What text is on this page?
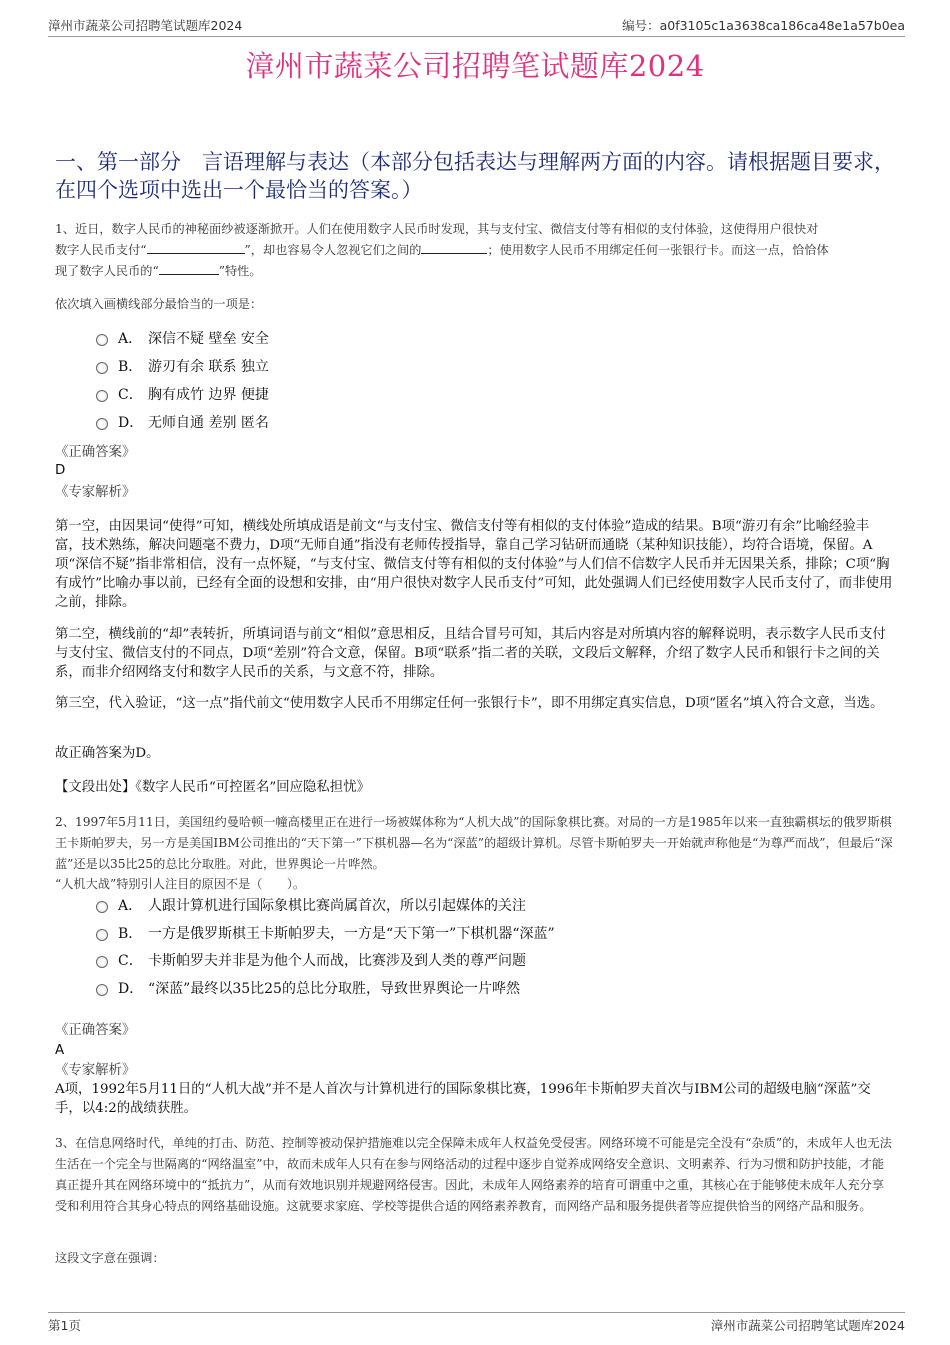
漳州市蔬菜公司招聘笔试题库2024	编号：a0f3105c1a3638ca186ca48e1a57b0ea
漳州市蔬菜公司招聘笔试题库2024
一、第一部分　言语理解与表达（本部分包括表达与理解两方面的内容。请根据题目要求，在四个选项中选出一个最恰当的答案。）
1、近日，数字人民币的神秘面纱被逐渐掀开。人们在使用数字人民币时发现，其与支付宝、微信支付等有相似的支付体验，这使得用户很快对
数字人民币支付“	”，却也容易令人忽视它们之间的	；使用数字人民币不用绑定任何一张银行卡。而这一点，恰恰体
现了数字人民币的“	”特性。
依次填入画横线部分最恰当的一项是：
A． 深信不疑 壁垒 安全
B． 游刃有余 联系 独立
C． 胸有成竹 边界 便捷
D． 无师自通 差别 匿名
《正确答案》
D
《专家解析》
第一空，由因果词“使得”可知，横线处所填成语是前文“与支付宝、微信支付等有相似的支付体验”造成的结果。B项“游刃有余”比喻经验丰富，技术熟练，解决问题毫不费力，D项“无师自通”指没有老师传授指导，靠自己学习钻研而通晓（某种知识技能），均符合语境，保留。A项“深信不疑”指非常相信，没有一点怀疑，“与支付宝、微信支付等有相似的支付体验”与人们信不信数字人民币并无因果关系，排除；C项“胸有成竹”比喻办事以前，已经有全面的设想和安排，由“用户很快对数字人民币支付”可知，此处强调人们已经使用数字人民币支付了，而非使用之前，排除。
第二空，横线前的“却”表转折，所填词语与前文“相似”意思相反，且结合冒号可知，其后内容是对所填内容的解释说明，表示数字人民币支付与支付宝、微信支付的不同点，D项“差别”符合文意，保留。B项“联系”指二者的关联，文段后文解释，介绍了数字人民币和银行卡之间的关系，而非介绍网络支付和数字人民币的关系，与文意不符，排除。
第三空，代入验证，“这一点”指代前文“使用数字人民币不用绑定任何一张银行卡”，即不用绑定真实信息，D项“匿名”填入符合文意，当选。
故正确答案为D。
【文段出处】《数字人民币“可控匿名”回应隐私担忧》
2、1997年5月11日，美国纽约曼哈顿一幢高楼里正在进行一场被媒体称为“人机大战”的国际象棋比赛。对局的一方是1985年以来一直独霸棋坛的俄罗斯棋王卡斯帕罗夫，另一方是美国IBM公司推出的“天下第一”下棋机器—名为“深蓝”的超级计算机。尽管卡斯帕罗夫一开始就声称他是“为尊严而战”，但最后“深蓝”还是以35比25的总比分取胜。对此，世界舆论一片哗然。
“人机大战”特别引人注目的原因不是（　　）。
A． 人跟计算机进行国际象棋比赛尚属首次，所以引起媒体的关注
B． 一方是俄罗斯棋王卡斯帕罗夫，一方是“天下第一”下棋机器“深蓝”
C． 卡斯帕罗夫并非是为他个人而战，比赛涉及到人类的尊严问题
D． “深蓝”最终以35比25的总比分取胜，导致世界舆论一片哗然
《正确答案》
A
《专家解析》
A项，1992年5月11日的“人机大战”并不是人首次与计算机进行的国际象棋比赛，1996年卡斯帕罗夫首次与IBM公司的超级电脑“深蓝”交手，以4:2的战绩获胜。
3、在信息网络时代，单纯的打击、防范、控制等被动保护措施难以完全保障未成年人权益免受侵害。网络环境不可能是完全没有“杂质”的，未成年人也无法生活在一个完全与世隔离的“网络温室”中，故而未成年人只有在参与网络活动的过程中逐步自觉养成网络安全意识、文明素养、行为习惯和防护技能，才能真正提升其在网络环境中的“抵抗力”，从而有效地识别并规避网络侵害。因此，未成年人网络素养的培育可谓重中之重，其核心在于能够使未成年人充分享受和利用符合其身心特点的网络基础设施。这就要求家庭、学校等提供合适的网络素养教育，而网络产品和服务提供者等应提供恰当的网络产品和服务。
这段文字意在强调：
第1页	漳州市蔬菜公司招聘笔试题库2024
